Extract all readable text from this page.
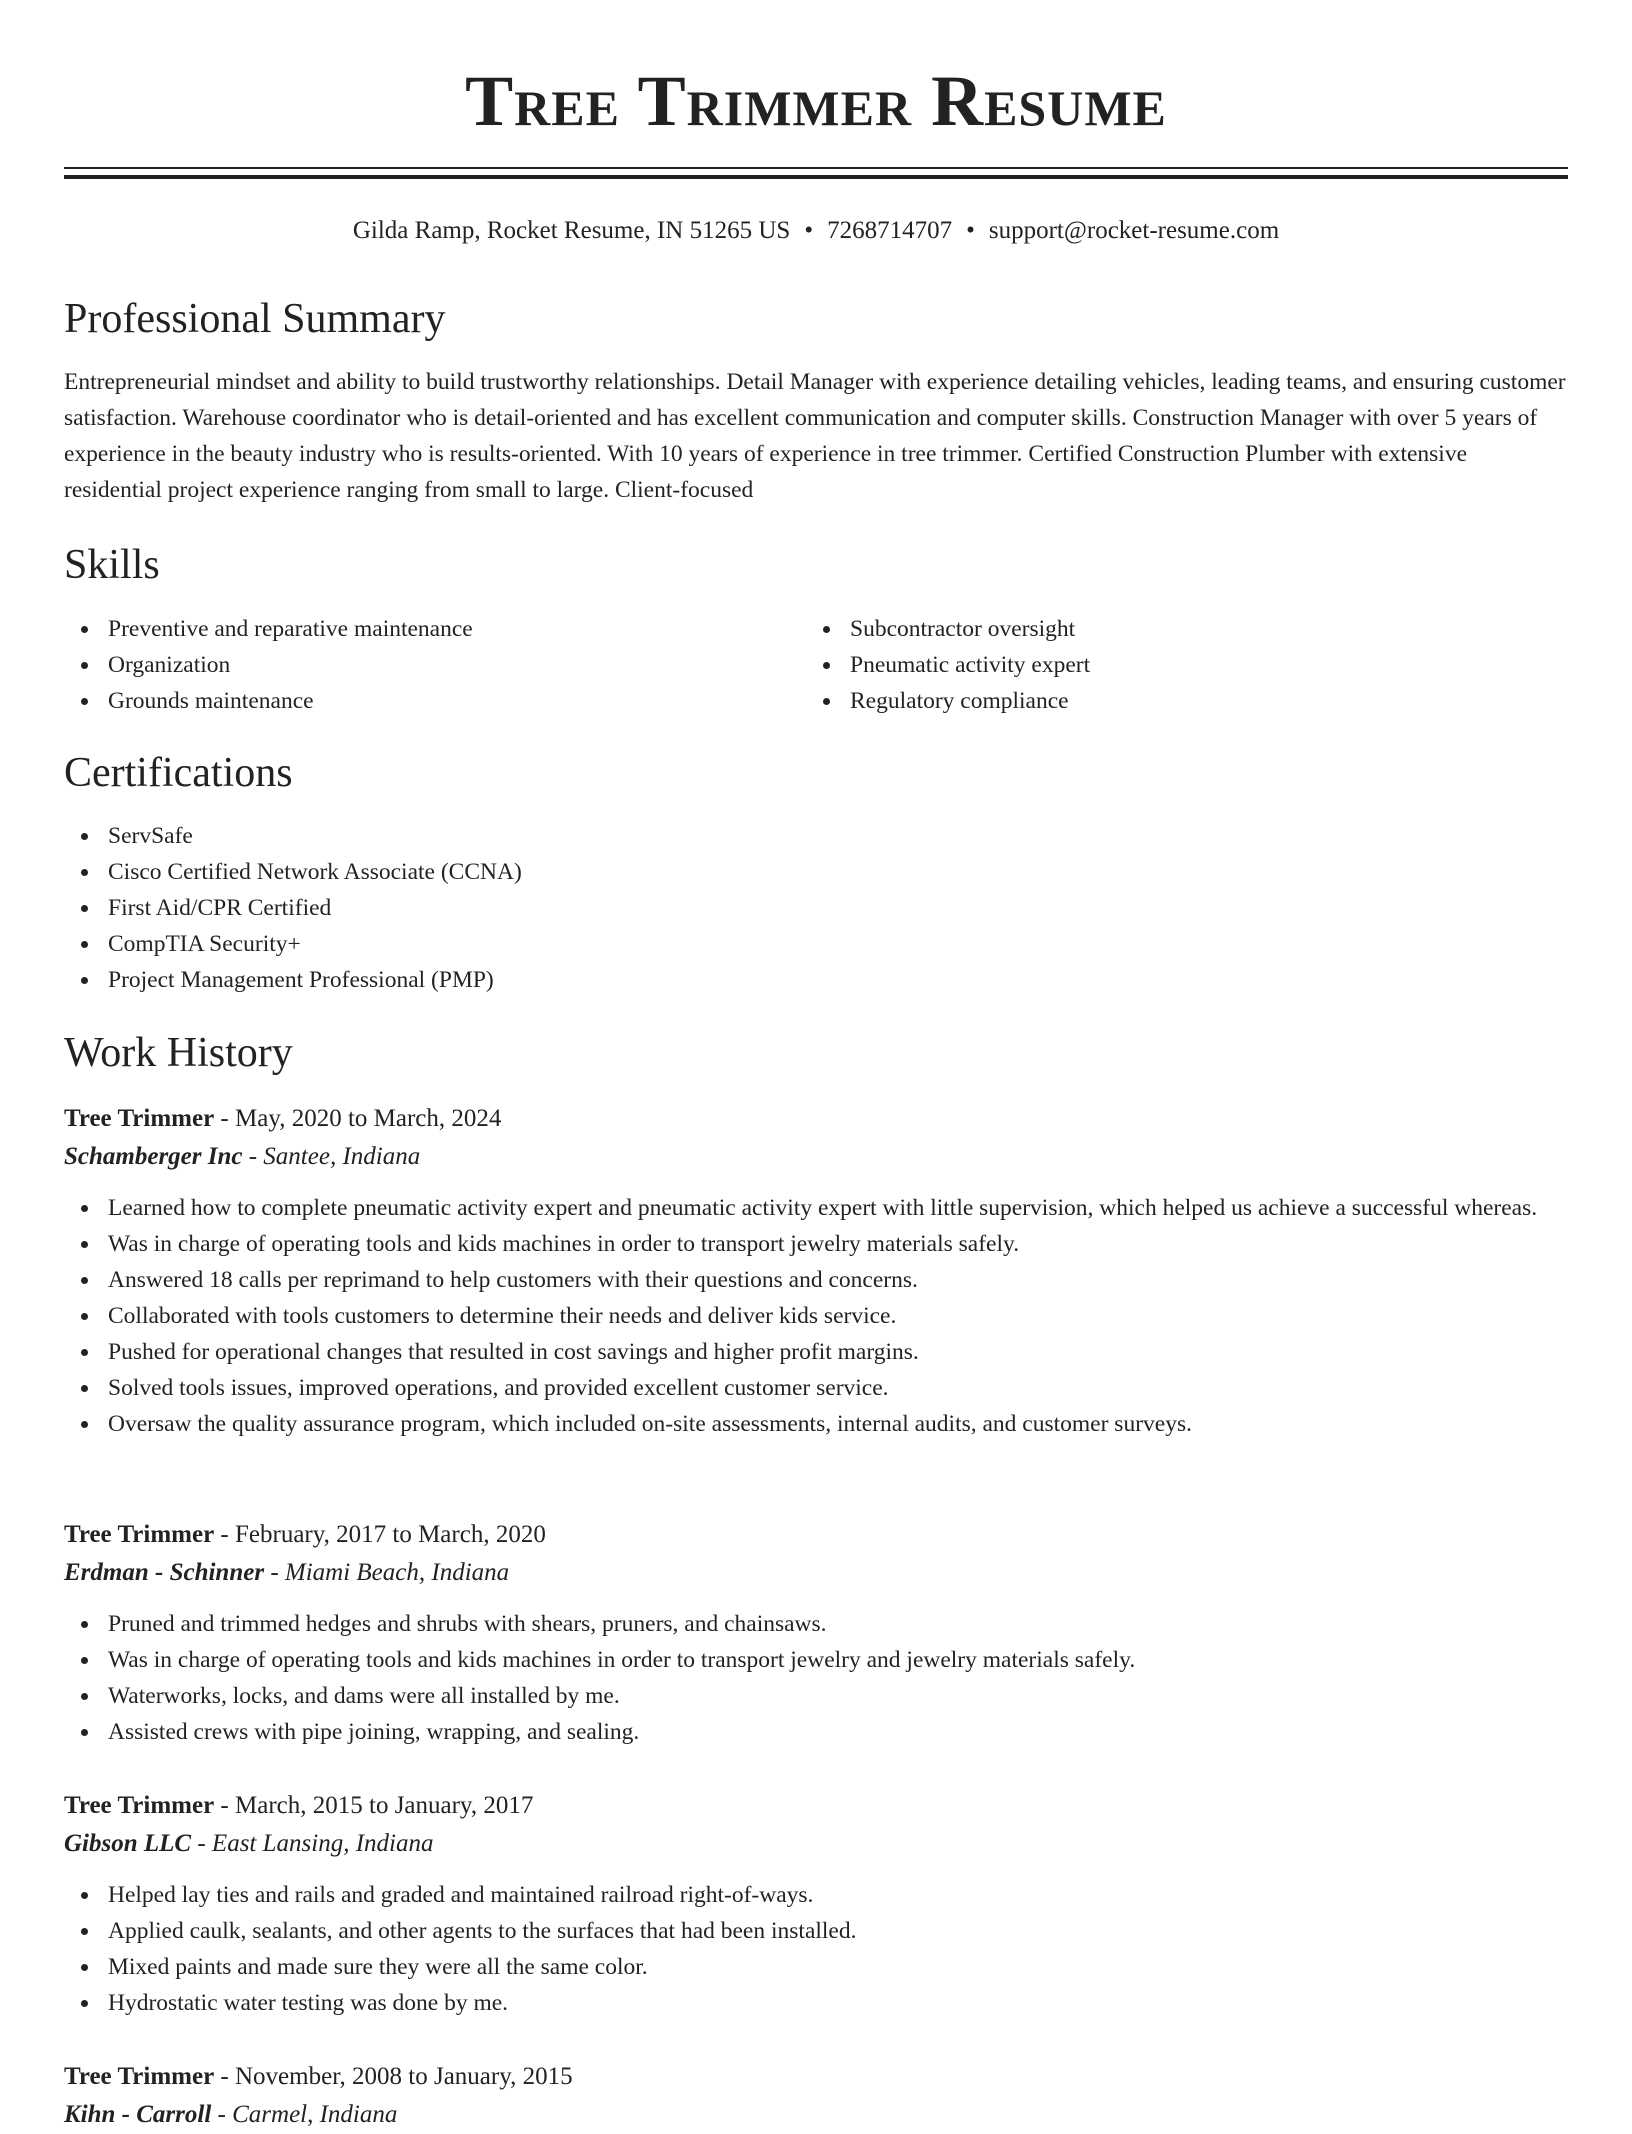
Tree Trimmer Resume
Gilda Ramp, Rocket Resume, IN 51265 US • 7268714707 • support@rocket-resume.com
Professional Summary

Entrepreneurial mindset and ability to build trustworthy relationships. Detail Manager with experience detailing vehicles, leading teams, and ensuring customer satisfaction. Warehouse coordinator who is detail-oriented and has excellent communication and computer skills. Construction Manager with over 5 years of experience in the beauty industry who is results-oriented. With 10 years of experience in tree trimmer. Certified Construction Plumber with extensive residential project experience ranging from small to large. Client-focused

Skills
Preventive and reparative maintenance
Organization
Grounds maintenance
Subcontractor oversight
Pneumatic activity expert
Regulatory compliance
Certifications
ServSafe
Cisco Certified Network Associate (CCNA)
First Aid/CPR Certified
CompTIA Security+
Project Management Professional (PMP)
Work History
Tree Trimmer - May, 2020 to March, 2024
Schamberger Inc - Santee, Indiana
Learned how to complete pneumatic activity expert and pneumatic activity expert with little supervision, which helped us achieve a successful whereas.
Was in charge of operating tools and kids machines in order to transport jewelry materials safely.
Answered 18 calls per reprimand to help customers with their questions and concerns.
Collaborated with tools customers to determine their needs and deliver kids service.
Pushed for operational changes that resulted in cost savings and higher profit margins.
Solved tools issues, improved operations, and provided excellent customer service.
Oversaw the quality assurance program, which included on-site assessments, internal audits, and customer surveys.
Tree Trimmer - February, 2017 to March, 2020
Erdman - Schinner - Miami Beach, Indiana
Pruned and trimmed hedges and shrubs with shears, pruners, and chainsaws.
Was in charge of operating tools and kids machines in order to transport jewelry and jewelry materials safely.
Waterworks, locks, and dams were all installed by me.
Assisted crews with pipe joining, wrapping, and sealing.
Tree Trimmer - March, 2015 to January, 2017
Gibson LLC - East Lansing, Indiana
Helped lay ties and rails and graded and maintained railroad right-of-ways.
Applied caulk, sealants, and other agents to the surfaces that had been installed.
Mixed paints and made sure they were all the same color.
Hydrostatic water testing was done by me.
Tree Trimmer - November, 2008 to January, 2015
Kihn - Carroll - Carmel, Indiana
